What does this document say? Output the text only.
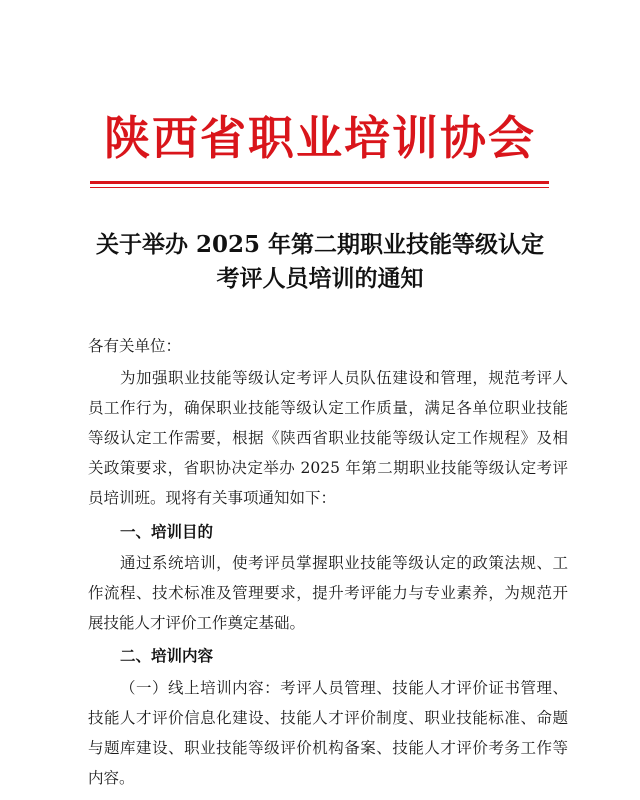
陕西省职业培训协会
关于举办 2025 年第二期职业技能等级认定
考评人员培训的通知
各有关单位：
为加强职业技能等级认定考评人员队伍建设和管理，规范考评人员工作行为，确保职业技能等级认定工作质量，满足各单位职业技能等级认定工作需要，根据《陕西省职业技能等级认定工作规程》及相关政策要求，省职协决定举办 2025 年第二期职业技能等级认定考评员培训班。现将有关事项通知如下：
一、培训目的
通过系统培训，使考评员掌握职业技能等级认定的政策法规、工作流程、技术标准及管理要求，提升考评能力与专业素养，为规范开展技能人才评价工作奠定基础。
二、培训内容
（一）线上培训内容：考评人员管理、技能人才评价证书管理、技能人才评价信息化建设、技能人才评价制度、职业技能标准、命题与题库建设、职业技能等级评价机构备案、技能人才评价考务工作等内容。
